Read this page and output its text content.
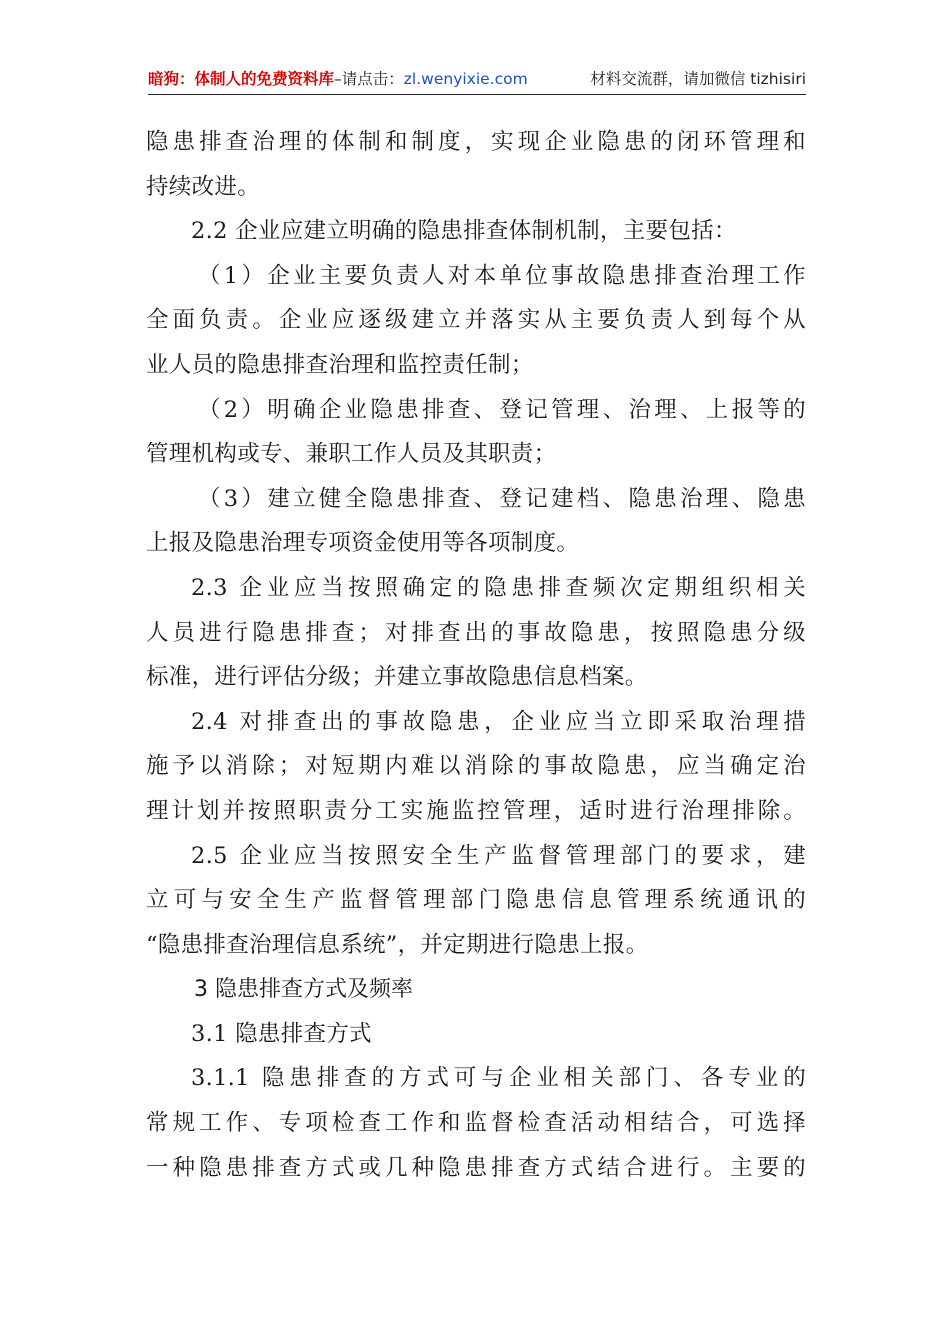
暗狗：体制人的免费资料库–请点击：zl.wenyixie.com	材料交流群，请加微信 tizhisiri
隐患排查治理的体制和制度，实现企业隐患的闭环管理和
持续改进。
2.2 企业应建立明确的隐患排查体制机制，主要包括：
（1）企业主要负责人对本单位事故隐患排查治理工作
全面负责。企业应逐级建立并落实从主要负责人到每个从
业人员的隐患排查治理和监控责任制；
（2）明确企业隐患排查、登记管理、治理、上报等的
管理机构或专、兼职工作人员及其职责；
（3）建立健全隐患排查、登记建档、隐患治理、隐患
上报及隐患治理专项资金使用等各项制度。
2.3 企业应当按照确定的隐患排查频次定期组织相关
人员进行隐患排查；对排查出的事故隐患，按照隐患分级
标准，进行评估分级；并建立事故隐患信息档案。
2.4 对排查出的事故隐患，企业应当立即采取治理措
施予以消除；对短期内难以消除的事故隐患，应当确定治
理计划并按照职责分工实施监控管理，适时进行治理排除。
2.5 企业应当按照安全生产监督管理部门的要求，建
立可与安全生产监督管理部门隐患信息管理系统通讯的
“隐患排查治理信息系统”，并定期进行隐患上报。
3 隐患排查方式及频率
3.1 隐患排查方式
3.1.1 隐患排查的方式可与企业相关部门、各专业的
常规工作、专项检查工作和监督检查活动相结合，可选择
一种隐患排查方式或几种隐患排查方式结合进行。主要的
